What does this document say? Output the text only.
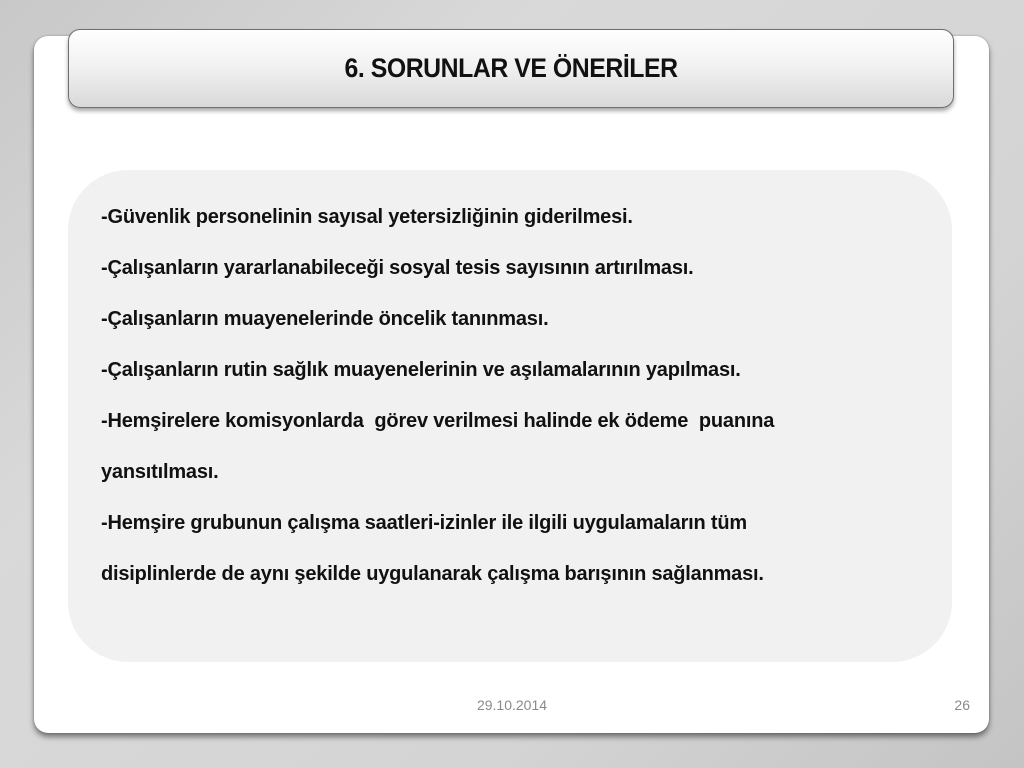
6. SORUNLAR VE ÖNERİLER
-Güvenlik personelinin sayısal yetersizliğinin giderilmesi.
-Çalışanların yararlanabileceği sosyal tesis sayısının artırılması.
-Çalışanların muayenelerinde öncelik tanınması.
-Çalışanların rutin sağlık muayenelerinin ve aşılamalarının yapılması.
-Hemşirelere komisyonlarda  görev verilmesi halinde ek ödeme  puanına
yansıtılması.
-Hemşire grubunun çalışma saatleri-izinler ile ilgili uygulamaların tüm
disiplinlerde de aynı şekilde uygulanarak çalışma barışının sağlanması.
29.10.2014	26
